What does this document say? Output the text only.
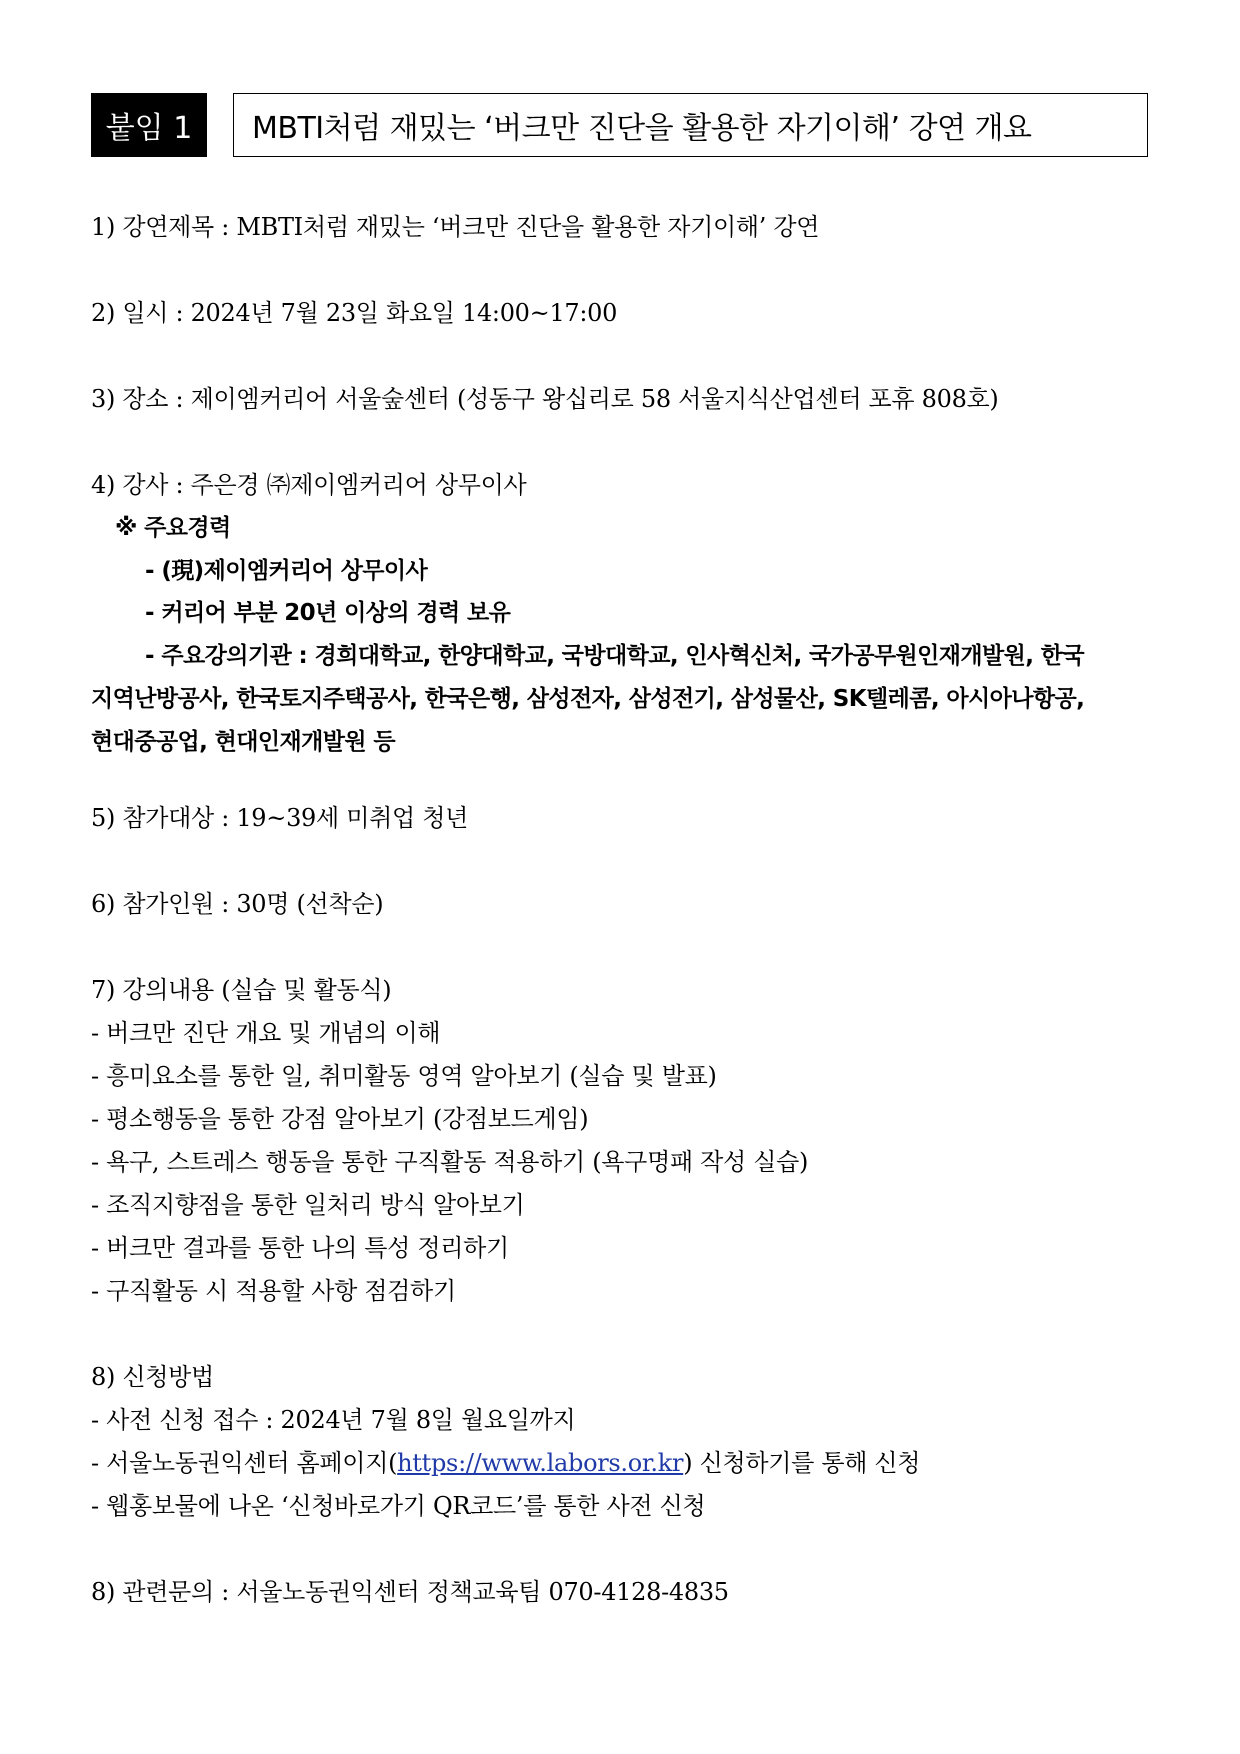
붙임 1	MBTI처럼 재밌는 ‘버크만 진단을 활용한 자기이해’ 강연 개요
1) 강연제목 : MBTI처럼 재밌는 ‘버크만 진단을 활용한 자기이해’ 강연
2) 일시 : 2024년 7월 23일 화요일 14:00~17:00
3) 장소 : 제이엠커리어 서울숲센터 (성동구 왕십리로 58 서울지식산업센터 포휴 808호)
4) 강사 : 주은경 ㈜제이엠커리어 상무이사
※ 주요경력
- (現)제이엠커리어 상무이사
- 커리어 부분 20년 이상의 경력 보유
- 주요강의기관 : 경희대학교, 한양대학교, 국방대학교, 인사혁신처, 국가공무원인재개발원, 한국
지역난방공사, 한국토지주택공사, 한국은행, 삼성전자, 삼성전기, 삼성물산, SK텔레콤, 아시아나항공,
현대중공업, 현대인재개발원 등
5) 참가대상 : 19~39세 미취업 청년
6) 참가인원 : 30명 (선착순)
7) 강의내용 (실습 및 활동식)
- 버크만 진단 개요 및 개념의 이해
- 흥미요소를 통한 일, 취미활동 영역 알아보기 (실습 및 발표)
- 평소행동을 통한 강점 알아보기 (강점보드게임)
- 욕구, 스트레스 행동을 통한 구직활동 적용하기 (욕구명패 작성 실습)
- 조직지향점을 통한 일처리 방식 알아보기
- 버크만 결과를 통한 나의 특성 정리하기
- 구직활동 시 적용할 사항 점검하기
8) 신청방법
- 사전 신청 접수 : 2024년 7월 8일 월요일까지
- 서울노동권익센터 홈페이지(https://www.labors.or.kr) 신청하기를 통해 신청
- 웹홍보물에 나온 ‘신청바로가기 QR코드’를 통한 사전 신청
8) 관련문의 : 서울노동권익센터 정책교육팀 070-4128-4835
